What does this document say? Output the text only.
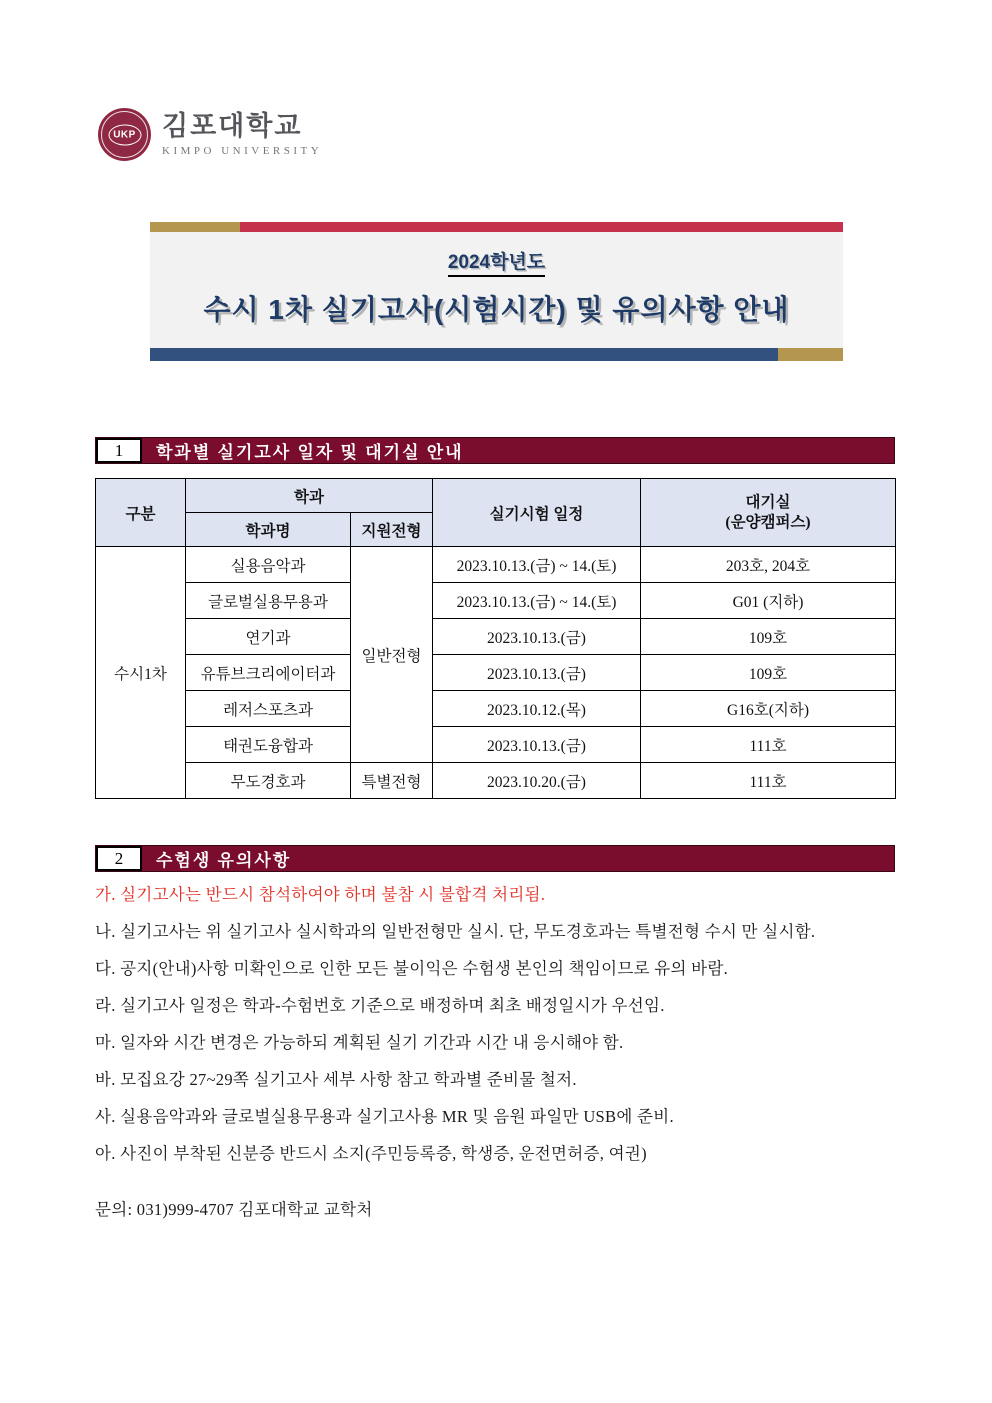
UKP 김포대학교
KIMPO UNIVERSITY
2024학년도
수시 1차 실기고사(시험시간) 및 유의사항 안내
1	학과별 실기고사 일자 및 대기실 안내
구분	학과		실기시험 일정	대기실
(운양캠퍼스)

	학과명	지원전형		
수시1차	실용음악과	일반전형	2023.10.13.(금) ~ 14.(토)	203호, 204호
	글로벌실용무용과		2023.10.13.(금) ~ 14.(토)	G01 (지하)
	연기과		2023.10.13.(금)	109호
	유튜브크리에이터과		2023.10.13.(금)	109호
	레저스포츠과		2023.10.12.(목)	G16호(지하)
	태권도융합과		2023.10.13.(금)	111호
	무도경호과	특별전형	2023.10.20.(금)	111호
2	수험생 유의사항
가. 실기고사는 반드시 참석하여야 하며 불참 시 불합격 처리됨.
나. 실기고사는 위 실기고사 실시학과의 일반전형만 실시. 단, 무도경호과는 특별전형 수시 만 실시함.
다. 공지(안내)사항 미확인으로 인한 모든 불이익은 수험생 본인의 책임이므로 유의 바람.
라. 실기고사 일정은 학과-수험번호 기준으로 배정하며 최초 배정일시가 우선임.
마. 일자와 시간 변경은 가능하되 계획된 실기 기간과 시간 내 응시해야 함.
바. 모집요강 27~29쪽 실기고사 세부 사항 참고 학과별 준비물 철저.
사. 실용음악과와 글로벌실용무용과 실기고사용 MR 및 음원 파일만 USB에 준비.
아. 사진이 부착된 신분증 반드시 소지(주민등록증, 학생증, 운전면허증, 여권)
문의: 031)999-4707 김포대학교 교학처
